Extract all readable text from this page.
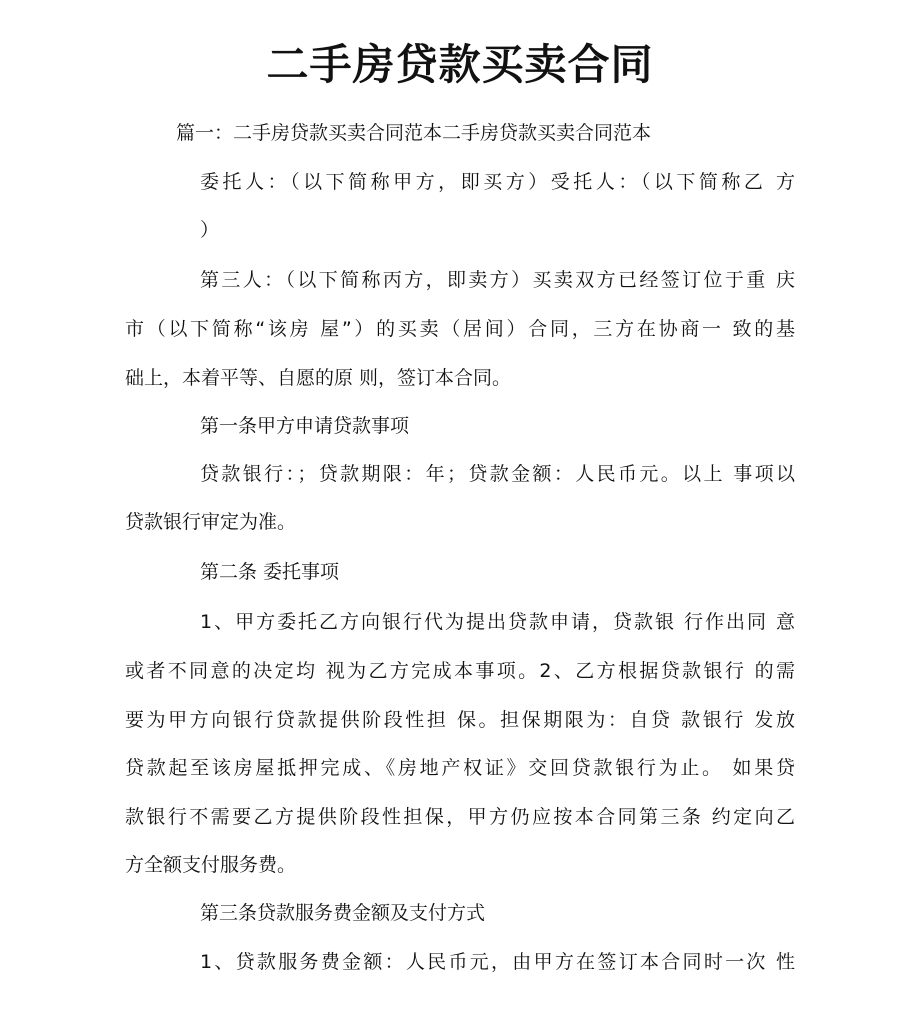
二手房贷款买卖合同
篇一：二手房贷款买卖合同范本二手房贷款买卖合同范本
委托人：（以下简称甲方，即买方）受托人：（以下简称乙 方
）
第三人：（以下简称丙方，即卖方）买卖双方已经签订位于重 庆
市（以下简称“该房 屋”）的买卖（居间）合同，三方在协商一 致的基
础上，本着平等、自愿的原 则，签订本合同。
第一条甲方申请贷款事项
贷款银行：；贷款期限：年；贷款金额：人民币元。以上 事项以
贷款银行审定为准。
第二条 委托事项
1、甲方委托乙方向银行代为提出贷款申请，贷款银 行作出同 意
或者不同意的决定均 视为乙方完成本事项。2、乙方根据贷款银行 的需
要为甲方向银行贷款提供阶段性担 保。担保期限为：自贷 款银行 发放
贷款起至该房屋抵押完成、《房地产权证》交回贷款银行为止。 如果贷
款银行不需要乙方提供阶段性担保，甲方仍应按本合同第三条 约定向乙
方全额支付服务费。
第三条贷款服务费金额及支付方式
1、贷款服务费金额：人民币元，由甲方在签订本合同时一次 性
